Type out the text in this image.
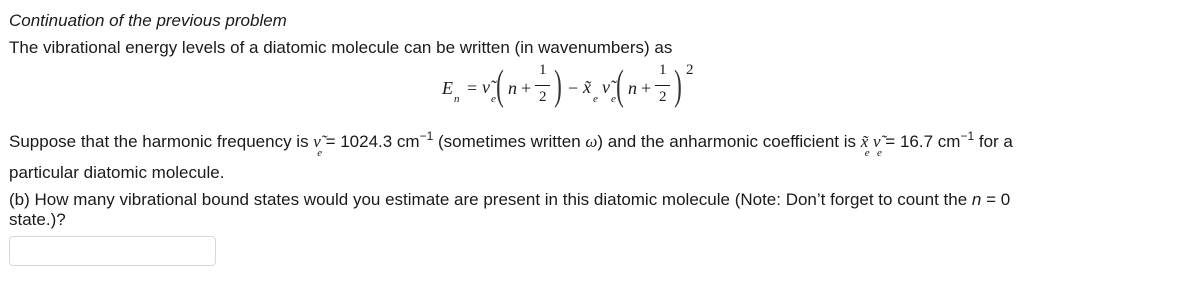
Continuation of the previous problem
The vibrational energy levels of a diatomic molecule can be written (in wavenumbers) as
E
n
= ν̃
e ( n +
1
2 ) − x̃
e
ν̃
e ( n +
1
2 ) 2
Suppose that the harmonic frequency is ν̃
e
= 1024.3 $cm^{-1}$ (sometimes written ω) and the anharmonic coefficient is x̃
e
ν̃
e
= 16.7 $cm^{-1}$ for a
particular diatomic molecule.
(b) How many vibrational bound states would you estimate are present in this diatomic molecule (Note: Don’t forget to count the n = 0
state.)?
